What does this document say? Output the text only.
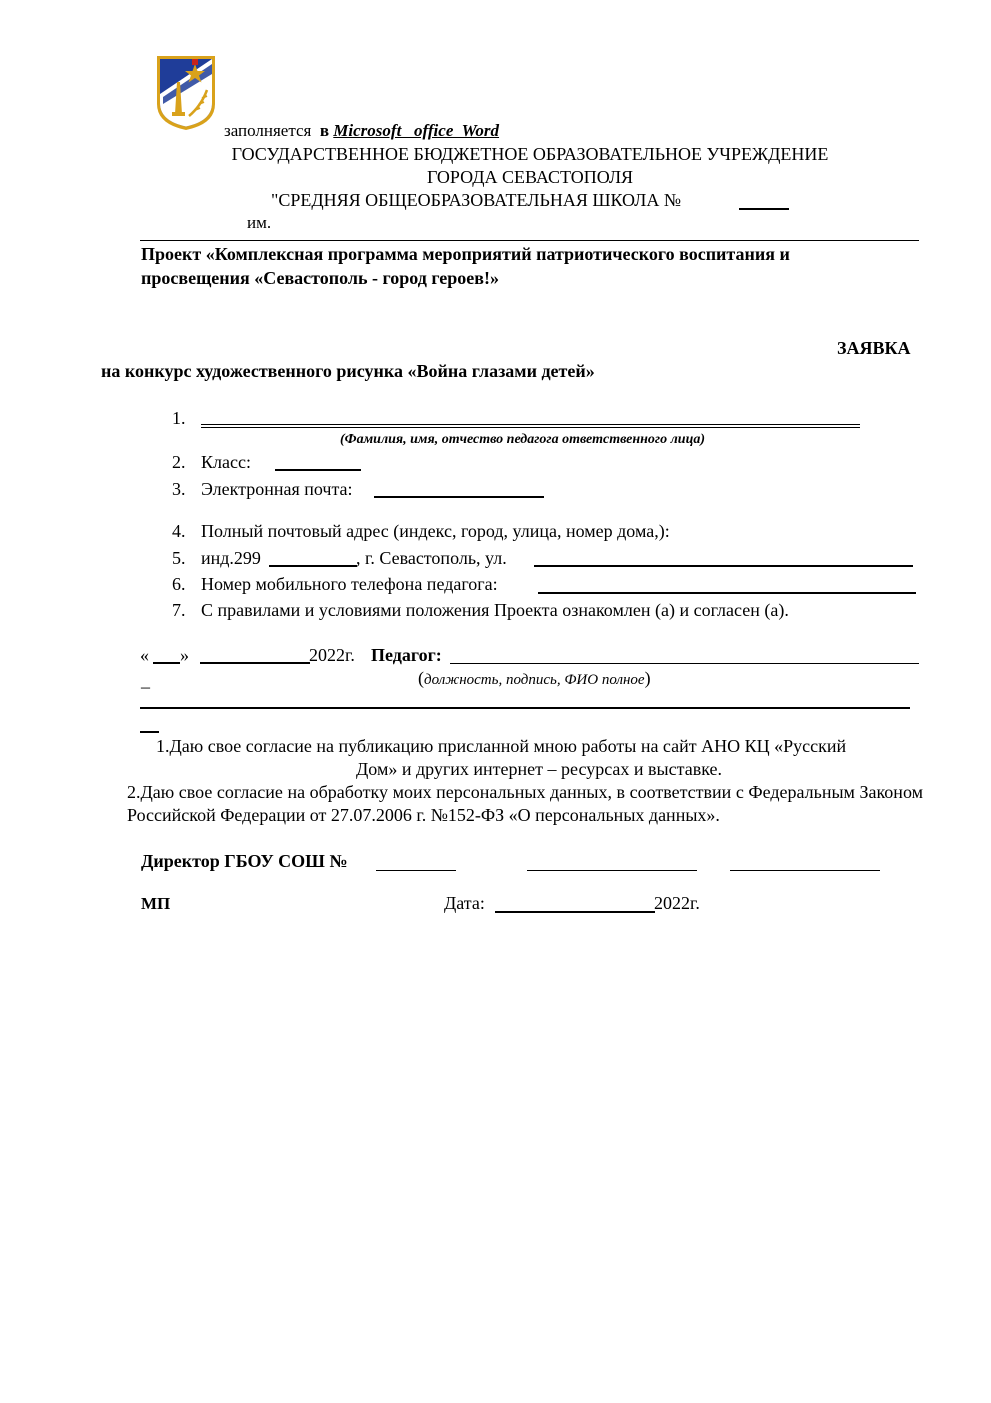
заполняется в Microsoft   office  Word
ГОСУДАРСТВЕННОЕ БЮДЖЕТНОЕ ОБРАЗОВАТЕЛЬНОЕ УЧРЕЖДЕНИЕ
ГОРОДА СЕВАСТОПОЛЯ
"СРЕДНЯЯ ОБЩЕОБРАЗОВАТЕЛЬНАЯ ШКОЛА №
им.
Проект «Комплексная программа мероприятий патриотического воспитания и
просвещения «Севастополь - город героев!»
ЗАЯВКА
на конкурс художественного рисунка «Война глазами детей»
1.
(Фамилия, имя, отчество педагога ответственного лица)
2. Класс:
3. Электронная почта:
4. Полный почтовый адрес (индекс, город, улица, номер дома,):
5. инд.299	, г. Севастополь, ул.
6. Номер мобильного телефона педагога:
7. С правилами и условиями положения Проекта ознакомлен (а) и согласен (а).
« »	2022г. Педагог:
_	(должность, подпись, ФИО полное)
1.Даю свое согласие на публикацию присланной мною работы на сайт АНО КЦ «Русский
Дом» и других интернет – ресурсах и выставке.
2.Даю свое согласие на обработку моих персональных данных, в соответствии с Федеральным Законом Российской Федерации от 27.07.2006 г. №152-ФЗ «О персональных данных».
Директор ГБОУ СОШ №
МП	Дата:	2022г.
